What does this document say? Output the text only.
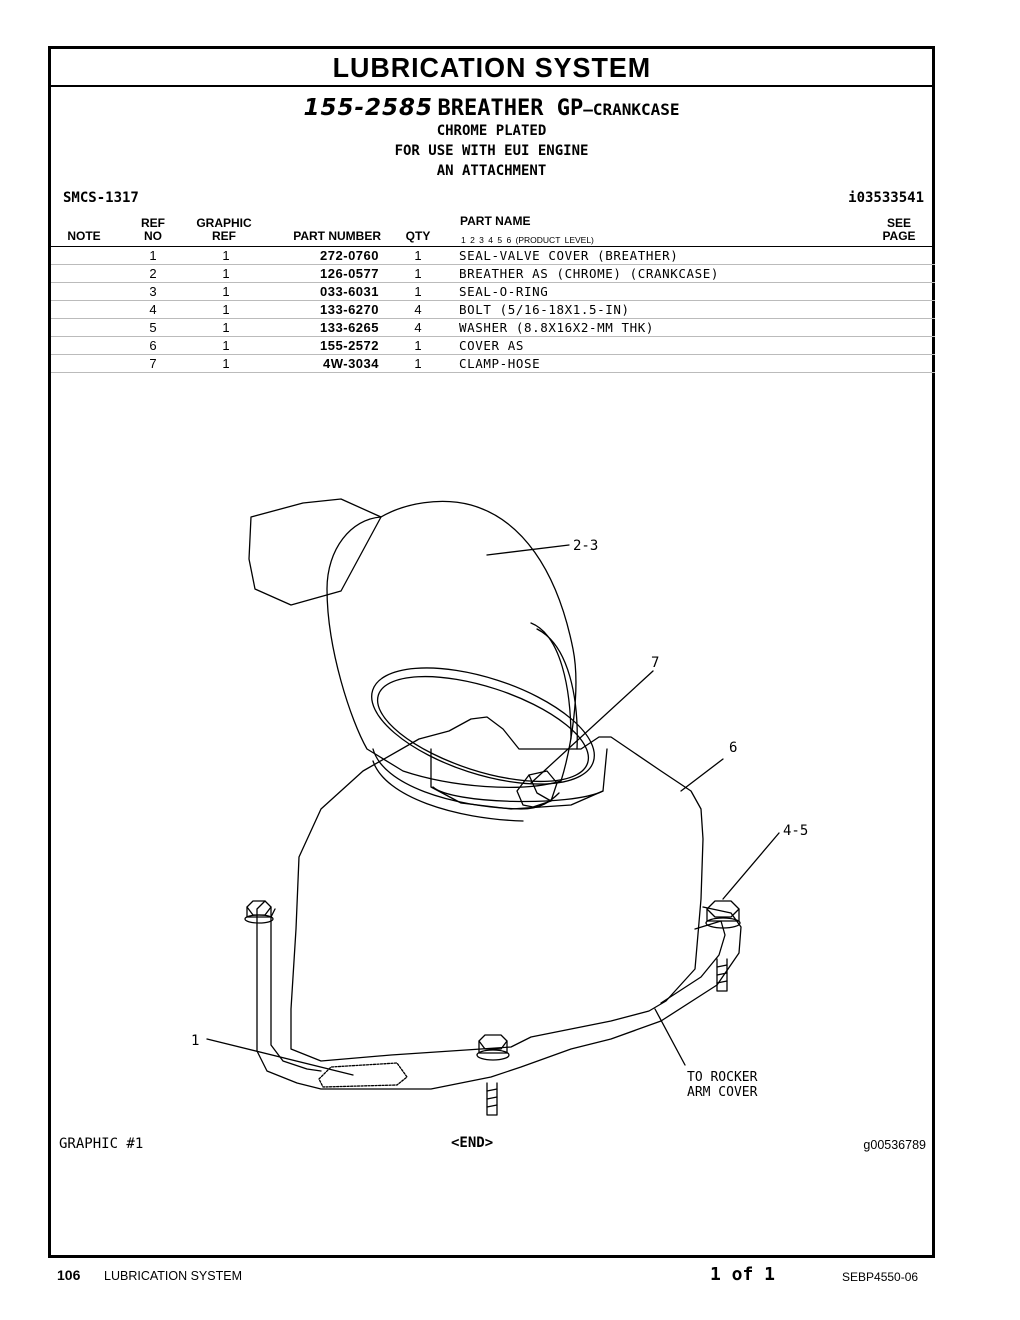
LUBRICATION SYSTEM
155-2585 BREATHER GP—CRANKCASE
CHROME PLATED
FOR USE WITH EUI ENGINE
AN ATTACHMENT
SMCS-1317	i03533541
NOTE
REF
NO
GRAPHIC
REF	PART NUMBER	QTY
PART NAME
1 2 3 4 5 6 (PRODUCT LEVEL)
SEE
PAGE
1	1	272-0760	1	SEAL-VALVE COVER (BREATHER)
2	1	126-0577	1	BREATHER AS (CHROME) (CRANKCASE)
3	1	033-6031	1	SEAL-O-RING
4	1	133-6270	4	BOLT (5/16-18X1.5-IN)
5	1	133-6265	4	WASHER (8.8X16X2-MM THK)
6	1	155-2572	1	COVER AS
7	1	4W-3034	1	CLAMP-HOSE
2-3
7
6
4-5
1
TO ROCKER
ARM COVER
GRAPHIC #1	<END>	g00536789
106 LUBRICATION SYSTEM	1 of 1	SEBP4550-06
